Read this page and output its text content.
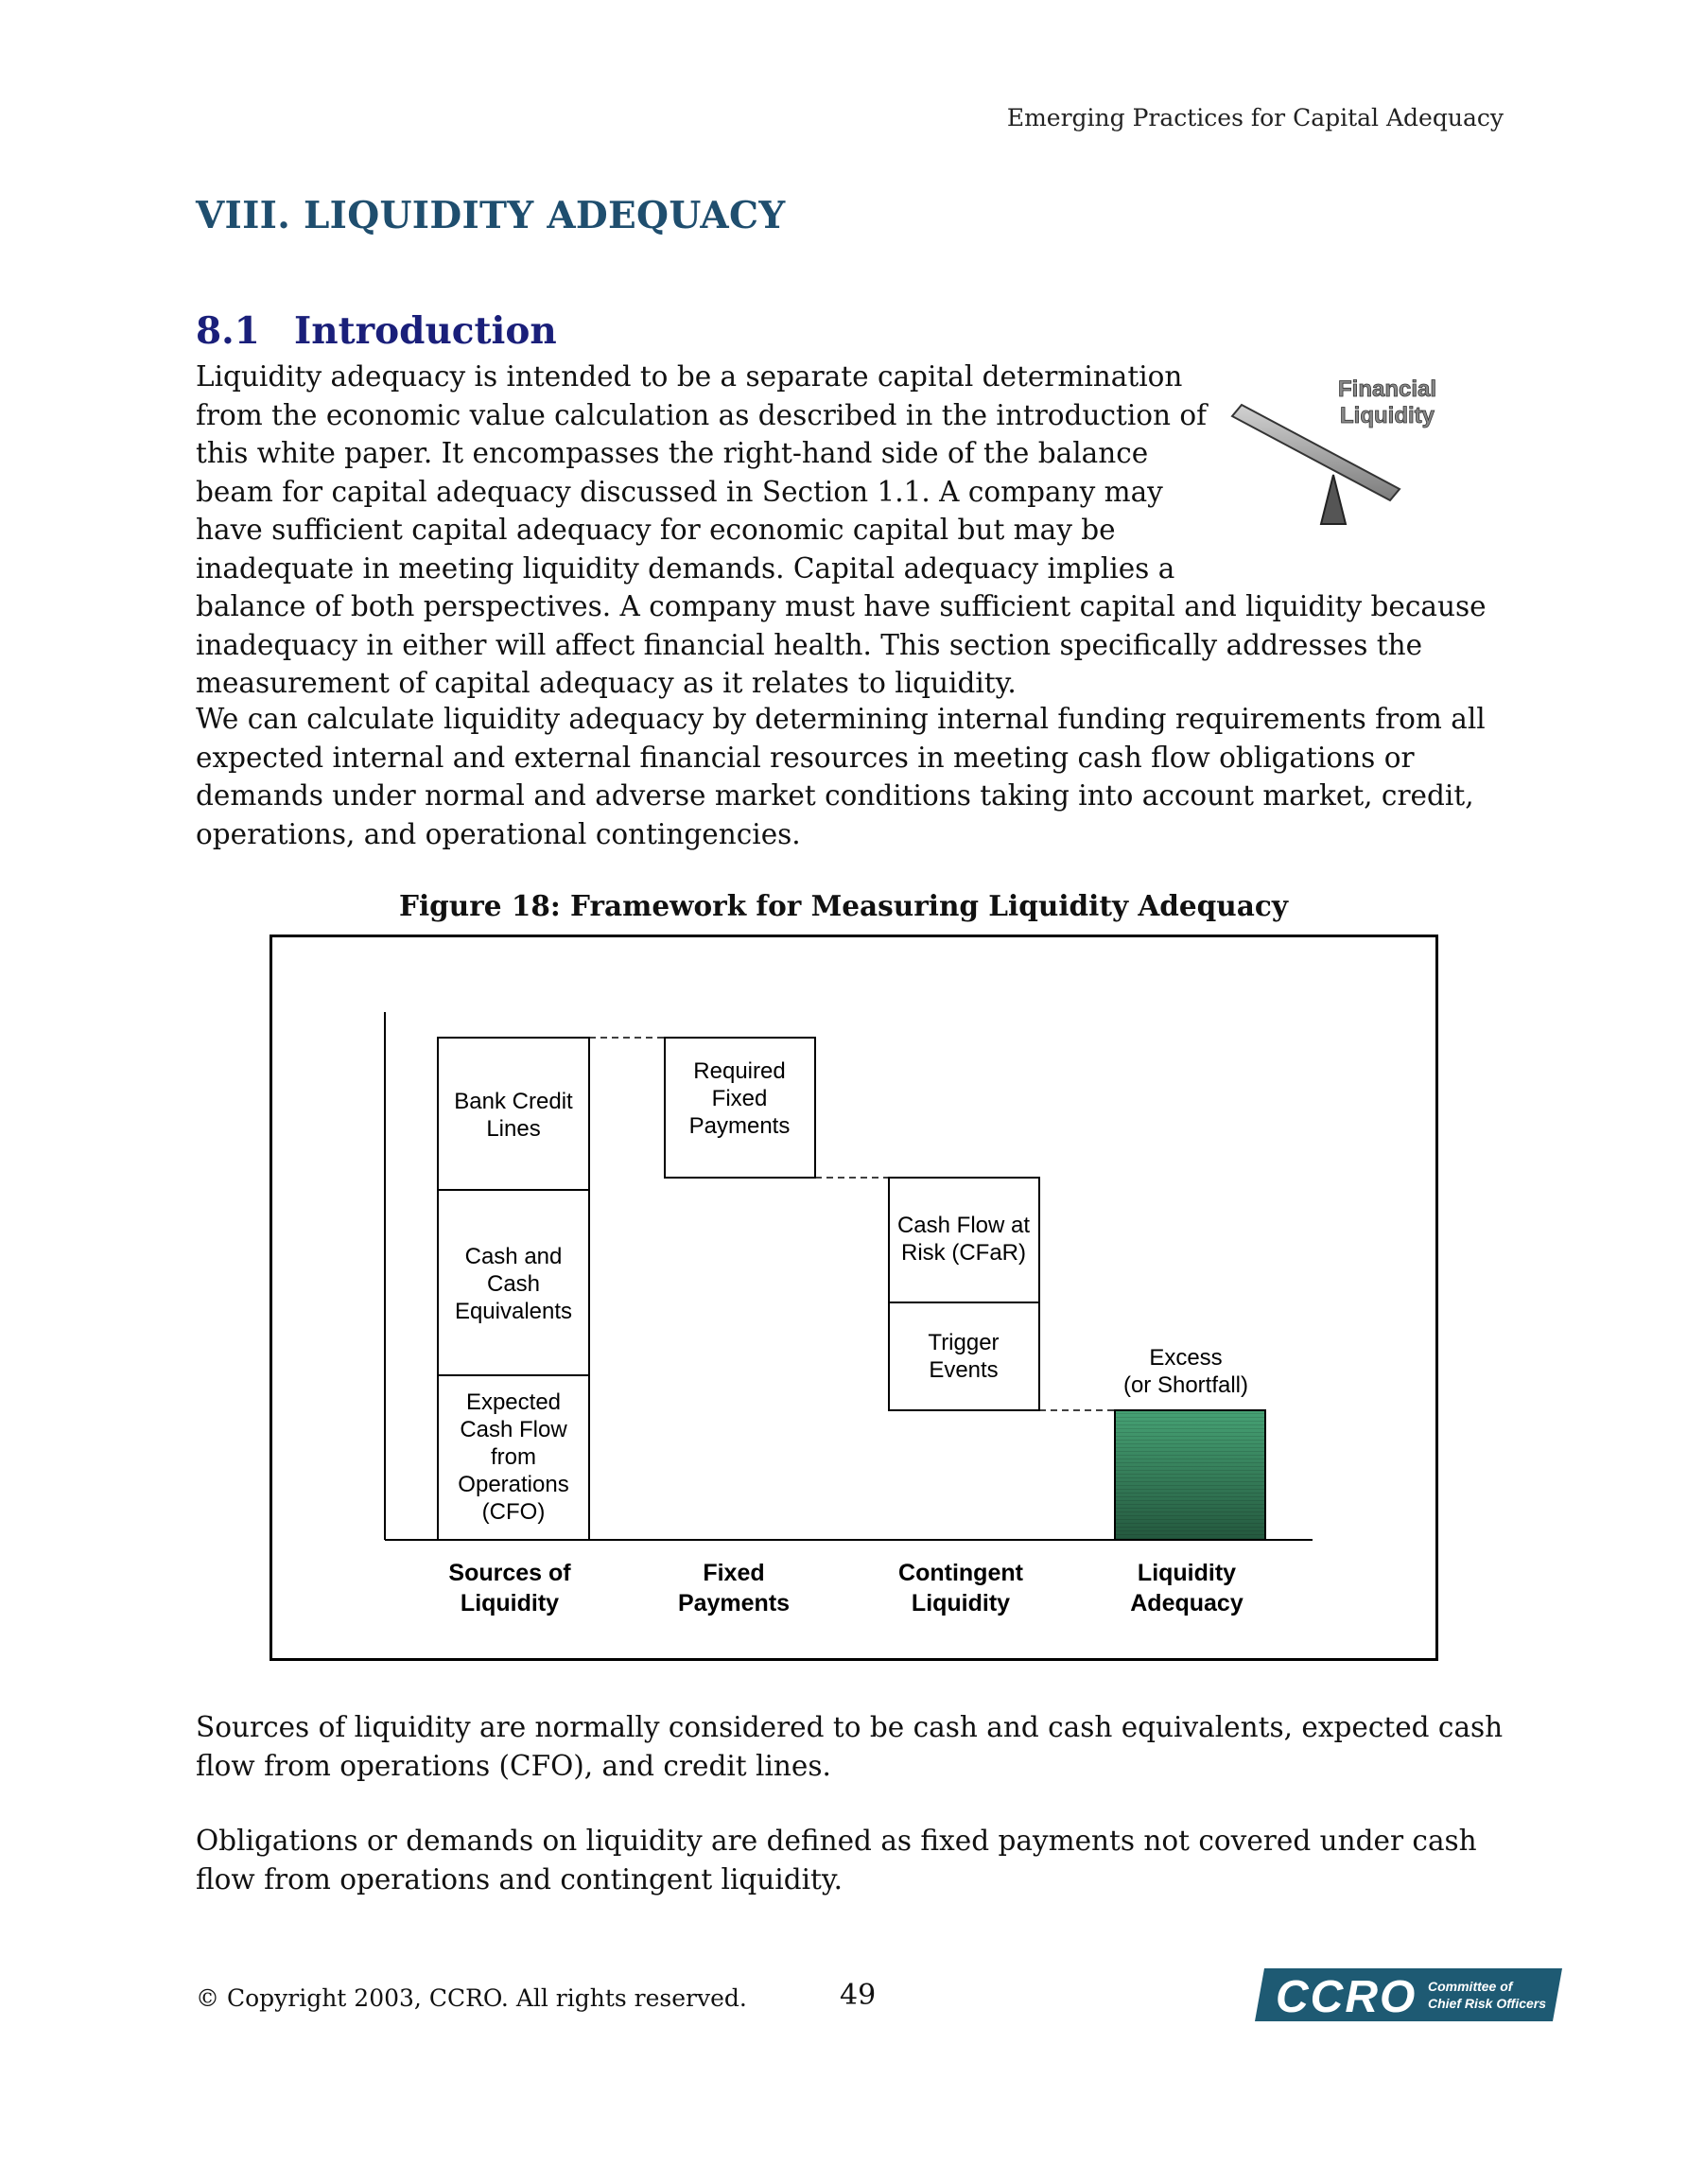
Emerging Practices for Capital Adequacy
VIII. LIQUIDITY ADEQUACY
8.1 Introduction
Financial
Liquidity
Liquidity adequacy is intended to be a separate capital determination from the economic value calculation as described in the introduction of this white paper. It encompasses the right-hand side of the balance beam for capital adequacy discussed in Section 1.1. A company may have sufficient capital adequacy for economic capital but may be inadequate in meeting liquidity demands. Capital adequacy implies a balance of both perspectives. A company must have sufficient capital and liquidity because inadequacy in either will affect financial health. This section specifically addresses the measurement of capital adequacy as it relates to liquidity.

We can calculate liquidity adequacy by determining internal funding requirements from all expected internal and external financial resources in meeting cash flow obligations or demands under normal and adverse market conditions taking into account market, credit, operations, and operational contingencies.

Figure 18: Framework for Measuring Liquidity Adequacy
Bank Credit
Lines
Cash and
Cash
Equivalents
Expected
Cash Flow
from
Operations
(CFO)
Required
Fixed
Payments
Cash Flow at
Risk (CFaR)
Trigger
Events	Excess
(or Shortfall)
Sources of
Liquidity
Fixed
Payments
Contingent
Liquidity
Liquidity
Adequacy

Sources of liquidity are normally considered to be cash and cash equivalents, expected cash flow from operations (CFO), and credit lines.

Obligations or demands on liquidity are defined as fixed payments not covered under cash flow from operations and contingent liquidity.

© Copyright 2003, CCRO. All rights reserved.	49	CCRO Committee of
Chief Risk Officers
